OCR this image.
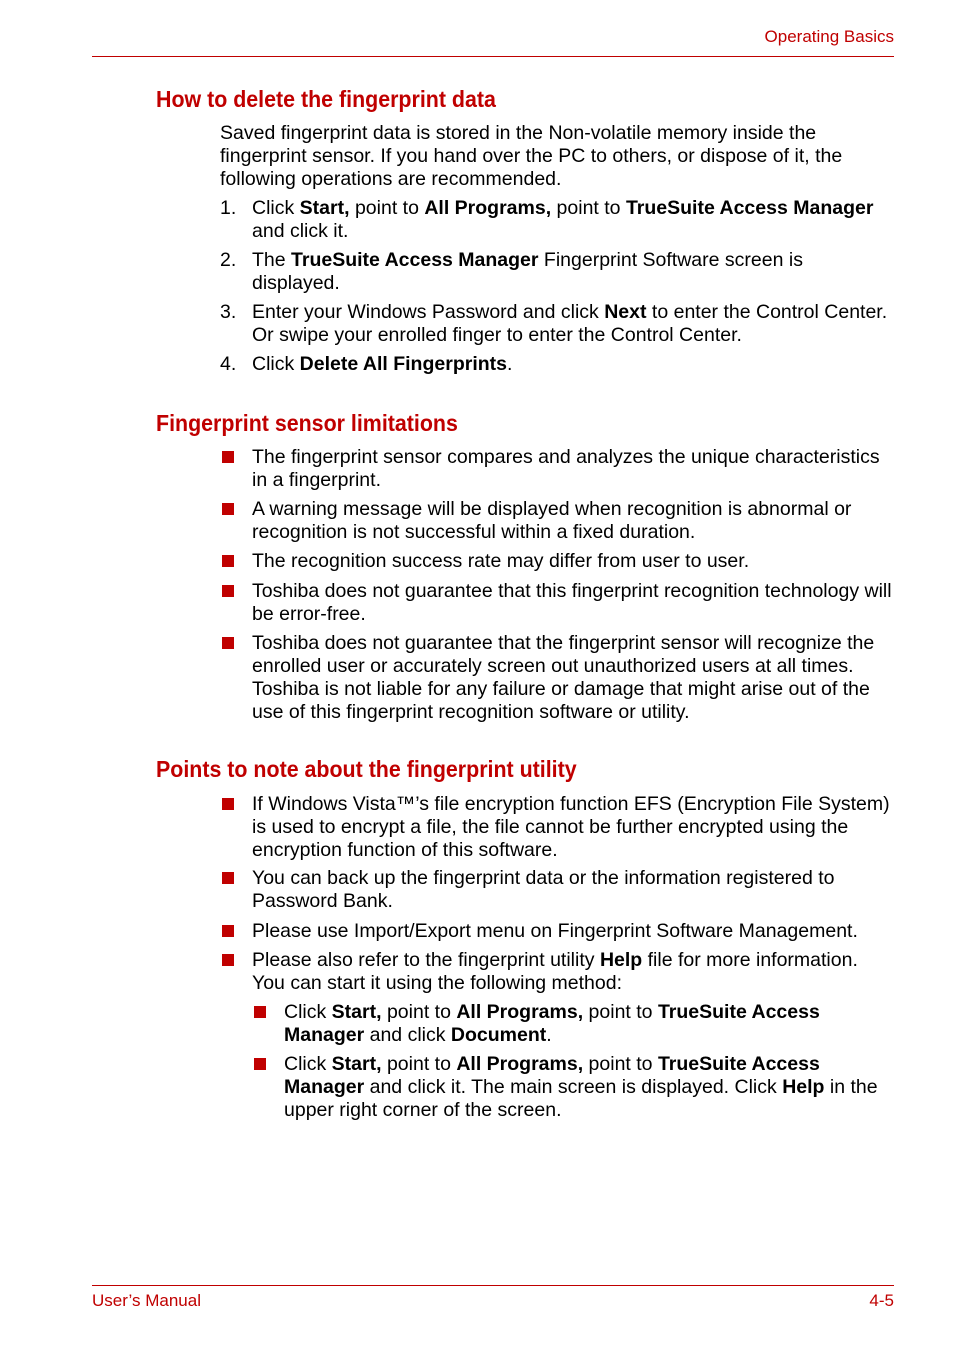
Operating Basics
How to delete the fingerprint data

Saved fingerprint data is stored in the Non-volatile memory inside the fingerprint sensor. If you hand over the PC to others, or dispose of it, the following operations are recommended.

1. Click Start, point to All Programs, point to TrueSuite Access Manager and click it.
2. The TrueSuite Access Manager Fingerprint Software screen is displayed.
3. Enter your Windows Password and click Next to enter the Control Center. Or swipe your enrolled finger to enter the Control Center.
4. Click Delete All Fingerprints.
Fingerprint sensor limitations
The fingerprint sensor compares and analyzes the unique characteristics in a fingerprint.
A warning message will be displayed when recognition is abnormal or recognition is not successful within a fixed duration.
The recognition success rate may differ from user to user.
Toshiba does not guarantee that this fingerprint recognition technology will be error-free.
Toshiba does not guarantee that the fingerprint sensor will recognize the enrolled user or accurately screen out unauthorized users at all times. Toshiba is not liable for any failure or damage that might arise out of the use of this fingerprint recognition software or utility.
Points to note about the fingerprint utility
If Windows Vista™’s file encryption function EFS (Encryption File System) is used to encrypt a file, the file cannot be further encrypted using the encryption function of this software.
You can back up the fingerprint data or the information registered to Password Bank.
Please use Import/Export menu on Fingerprint Software Management.
Please also refer to the fingerprint utility Help file for more information. You can start it using the following method:
Click Start, point to All Programs, point to TrueSuite Access Manager and click Document.
Click Start, point to All Programs, point to TrueSuite Access Manager and click it. The main screen is displayed. Click Help in the upper right corner of the screen.
User’s Manual	4-5
